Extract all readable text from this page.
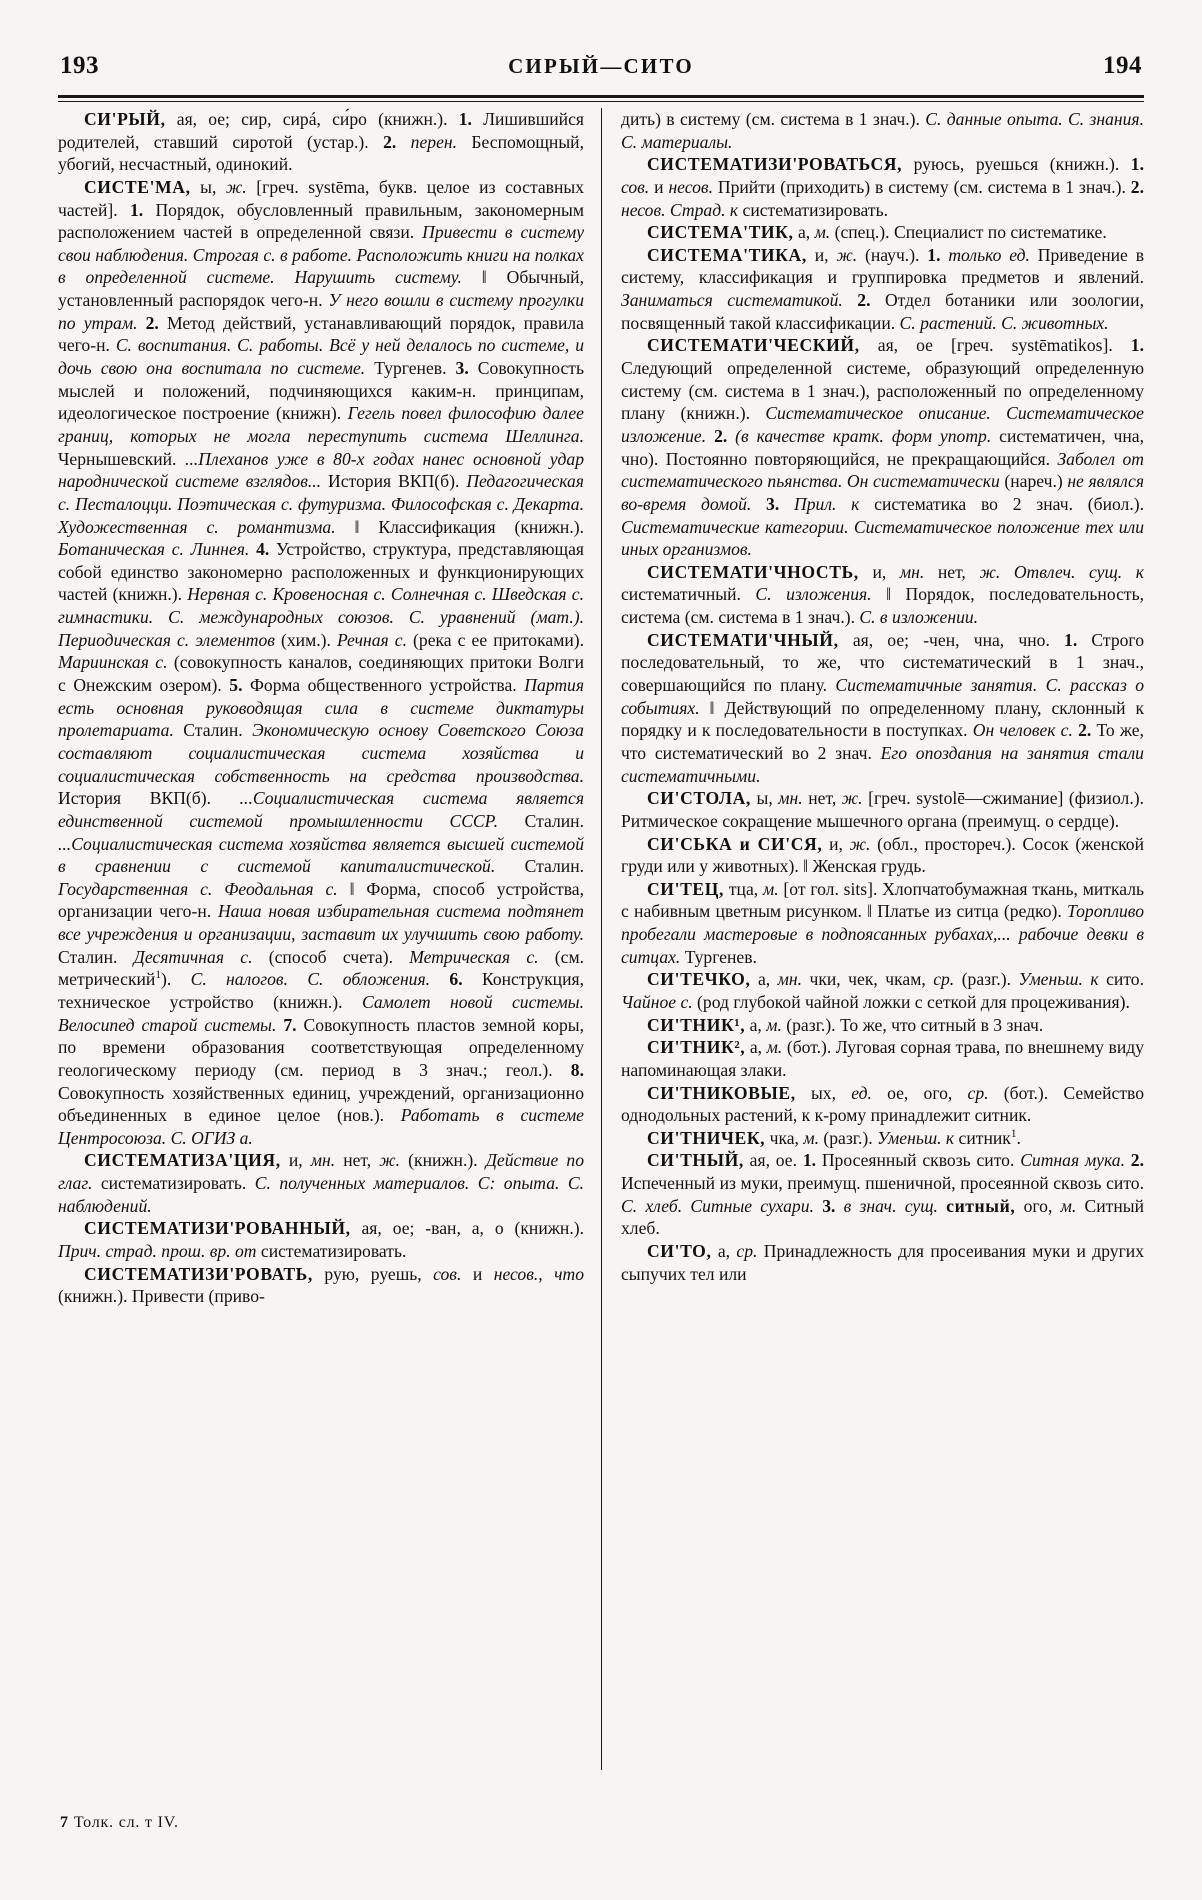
193	СИРЫЙ—СИТО	194

СИ'РЫЙ, ая, ое; сир, сирá, си́ро (книжн.). 1. Лишившийся родителей, ставший сиротой (устар.). 2. перен. Беспомощный, убогий, несчастный, одинокий.

СИСТЕ'МА, ы, ж. [греч. systēma, букв. целое из составных частей]. 1. Порядок, обусловленный правильным, закономерным расположением частей в определенной связи. Привести в систему свои наблюдения. Строгая с. в работе. Расположить книги на полках в определенной системе. Нарушить систему. ‖ Обычный, установленный распорядок чего-н. У него вошли в систему прогулки по утрам. 2. Метод действий, устанавливающий порядок, правила чего-н. С. воспитания. С. работы. Всё у ней делалось по системе, и дочь свою она воспитала по системе. Тургенев. 3. Совокупность мыслей и положений, подчиняющихся каким-н. принципам, идеологическое построение (книжн). Гегель повел философию далее границ, которых не могла переступить система Шеллинга. Чернышевский. ...Плеханов уже в 80-х годах нанес основной удар народнической системе взглядов... История ВКП(б). Педагогическая с. Песталоцци. Поэтическая с. футуризма. Философская с. Декарта. Художественная с. романтизма. ‖ Классификация (книжн.). Ботаническая с. Линнея. 4. Устройство, структура, представляющая собой единство закономерно расположенных и функционирующих частей (книжн.). Нервная с. Кровеносная с. Солнечная с. Шведская с. гимнастики. С. международных союзов. С. уравнений (мат.). Периодическая с. элементов (хим.). Речная с. (река с ее притоками). Мариинская с. (совокупность каналов, соединяющих притоки Волги с Онежским озером). 5. Форма общественного устройства. Партия есть основная руководящая сила в системе диктатуры пролетариата. Сталин. Экономическую основу Советского Союза составляют социалистическая система хозяйства и социалистическая собственность на средства производства. История ВКП(б). ...Социалистическая система является единственной системой промышленности СССР. Сталин. ...Социалистическая система хозяйства является высшей системой в сравнении с системой капиталистической. Сталин. Государственная с. Феодальная с. ‖ Форма, способ устройства, организации чего-н. Наша новая избирательная система подтянет все учреждения и организации, заставит их улучшить свою работу. Сталин. Десятичная с. (способ счета). Метрическая с. (см. метрический$^1$). С. налогов. С. обложения. 6. Конструкция, техническое устройство (книжн.). Самолет новой системы. Велосипед старой системы. 7. Совокупность пластов земной коры, по времени образования соответствующая определенному геологическому периоду (см. период в 3 знач.; геол.). 8. Совокупность хозяйственных единиц, учреждений, организационно объединенных в единое целое (нов.). Работать в системе Центросоюза. С. ОГИЗ а.

СИСТЕМАТИЗА'ЦИЯ, и, мн. нет, ж. (книжн.). Действие по глаг. систематизировать. С. полученных материалов. С: опыта. С. наблюдений.

СИСТЕМАТИЗИ'РОВАННЫЙ, ая, ое; -ван, а, о (книжн.). Прич. страд. прош. вр. от систематизировать.

СИСТЕМАТИЗИ'РОВАТЬ, рую, руешь, сов. и несов., что (книжн.). Привести (приво-

дить) в систему (см. система в 1 знач.). С. данные опыта. С. знания. С. материалы.

СИСТЕМАТИЗИ'РОВАТЬСЯ, руюсь, руешься (книжн.). 1. сов. и несов. Прийти (приходить) в систему (см. система в 1 знач.). 2. несов. Страд. к систематизировать.

СИСТЕМА'ТИК, а, м. (спец.). Специалист по систематике.

СИСТЕМА'ТИКА, и, ж. (науч.). 1. только ед. Приведение в систему, классификация и группировка предметов и явлений. Заниматься систематикой. 2. Отдел ботаники или зоологии, посвященный такой классификации. С. растений. С. животных.

СИСТЕМАТИ'ЧЕСКИЙ, ая, ое [греч. systēmatikos]. 1. Следующий определенной системе, образующий определенную систему (см. система в 1 знач.), расположенный по определенному плану (книжн.). Систематическое описание. Систематическое изложение. 2. (в качестве кратк. форм употр. систематичен, чна, чно). Постоянно повторяющийся, не прекращающийся. Заболел от систематического пьянства. Он систематически (нареч.) не являлся во-время домой. 3. Прил. к систематика во 2 знач. (биол.). Систематические категории. Систематическое положение тех или иных организмов.

СИСТЕМАТИ'ЧНОСТЬ, и, мн. нет, ж. Отвлеч. сущ. к систематичный. С. изложения. ‖ Порядок, последовательность, система (см. система в 1 знач.). С. в изложении.

СИСТЕМАТИ'ЧНЫЙ, ая, ое; -чен, чна, чно. 1. Строго последовательный, то же, что систематический в 1 знач., совершающийся по плану. Систематичные занятия. С. рассказ о событиях. ‖ Действующий по определенному плану, склонный к порядку и к последовательности в поступках. Он человек с. 2. То же, что систематический во 2 знач. Его опоздания на занятия стали систематичными.

СИ'СТОЛА, ы, мн. нет, ж. [греч. systolē—сжимание] (физиол.). Ритмическое сокращение мышечного органа (преимущ. о сердце).

СИ'СЬКА и СИ'СЯ, и, ж. (обл., простореч.). Сосок (женской груди или у животных). ‖ Женская грудь.

СИ'ТЕЦ, тца, м. [от гол. sits]. Хлопчатобумажная ткань, миткаль с набивным цветным рисунком. ‖ Платье из ситца (редко). Торопливо пробегали мастеровые в подпоясанных рубахах,... рабочие девки в ситцах. Тургенев.

СИ'ТЕЧКО, а, мн. чки, чек, чкам, ср. (разг.). Уменьш. к сито. Чайное с. (род глубокой чайной ложки с сеткой для процеживания).

СИ'ТНИК¹, а, м. (разг.). То же, что ситный в 3 знач.

СИ'ТНИК², а, м. (бот.). Луговая сорная трава, по внешнему виду напоминающая злаки.

СИ'ТНИКОВЫЕ, ых, ед. ое, ого, ср. (бот.). Семейство однодольных растений, к к-рому принадлежит ситник.

СИ'ТНИЧЕК, чка, м. (разг.). Уменьш. к ситник$^1$.

СИ'ТНЫЙ, ая, ое. 1. Просеянный сквозь сито. Ситная мука. 2. Испеченный из муки, преимущ. пшеничной, просеянной сквозь сито. С. хлеб. Ситные сухари. 3. в знач. сущ. ситный, ого, м. Ситный хлеб.

СИ'ТО, а, ср. Принадлежность для просеивания муки и других сыпучих тел или

7 Толк. сл. т IV.
